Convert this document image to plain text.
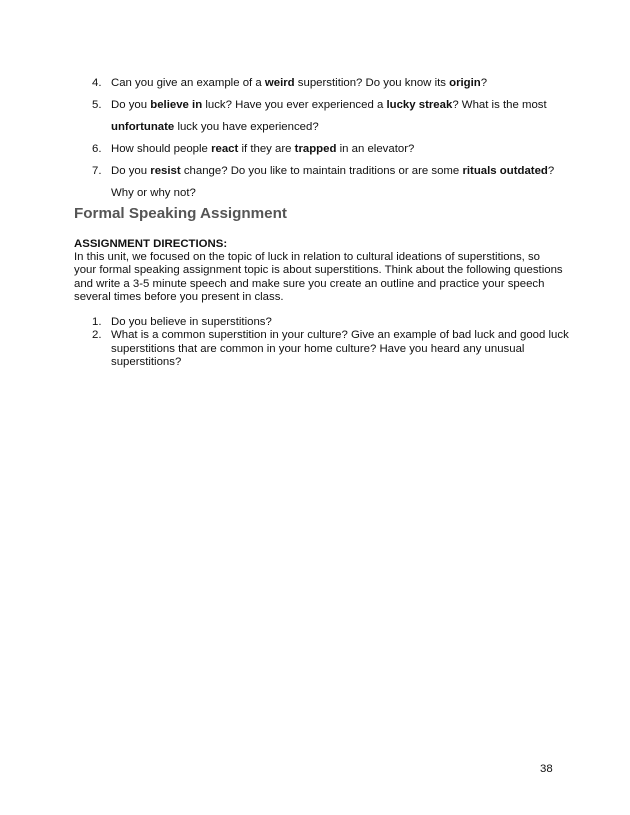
4. Can you give an example of a weird superstition? Do you know its origin?
5. Do you believe in luck? Have you ever experienced a lucky streak? What is the most unfortunate luck you have experienced?
6. How should people react if they are trapped in an elevator?
7. Do you resist change? Do you like to maintain traditions or are some rituals outdated? Why or why not?
Formal Speaking Assignment

ASSIGNMENT DIRECTIONS:

In this unit, we focused on the topic of luck in relation to cultural ideations of superstitions, so your formal speaking assignment topic is about superstitions. Think about the following questions and write a 3-5 minute speech and make sure you create an outline and practice your speech several times before you present in class.

1. Do you believe in superstitions?
2. What is a common superstition in your culture? Give an example of bad luck and good luck superstitions that are common in your home culture? Have you heard any unusual superstitions?

38
